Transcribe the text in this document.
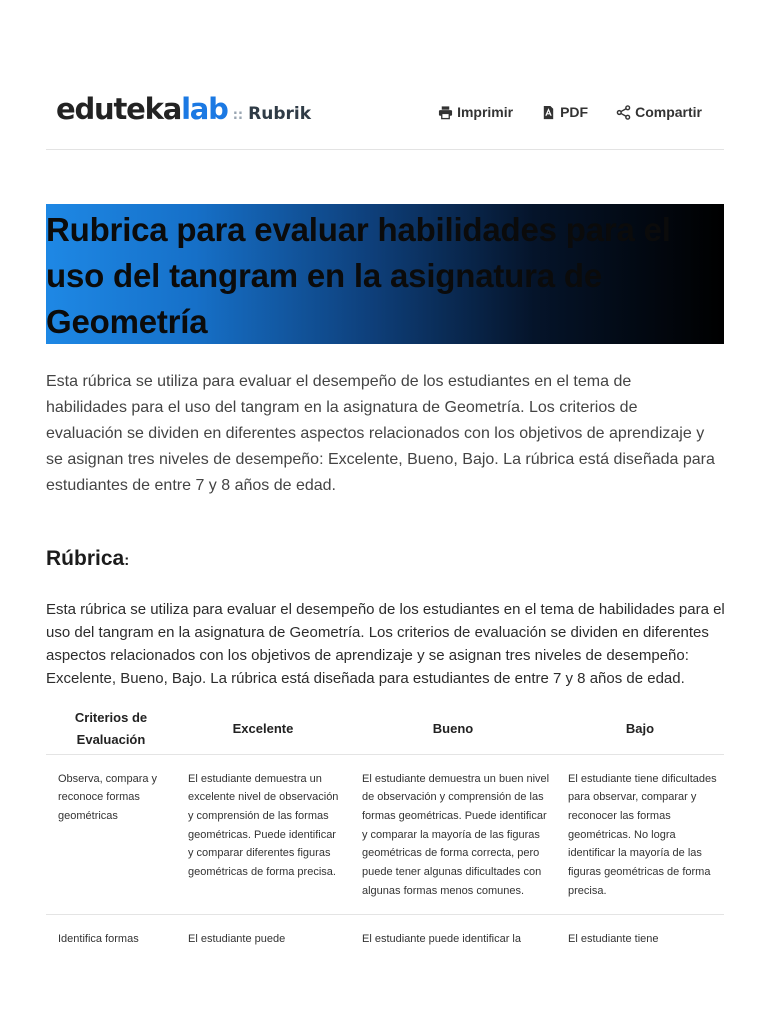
eduteka lab :: Rubrik	Imprimir	PDF	Compartir
Rubrica para evaluar habilidades para el uso del tangram en la asignatura de Geometría

Esta rúbrica se utiliza para evaluar el desempeño de los estudiantes en el tema de habilidades para el uso del tangram en la asignatura de Geometría. Los criterios de evaluación se dividen en diferentes aspectos relacionados con los objetivos de aprendizaje y se asignan tres niveles de desempeño: Excelente, Bueno, Bajo. La rúbrica está diseñada para estudiantes de entre 7 y 8 años de edad.

Rúbrica:

Esta rúbrica se utiliza para evaluar el desempeño de los estudiantes en el tema de habilidades para el uso del tangram en la asignatura de Geometría. Los criterios de evaluación se dividen en diferentes aspectos relacionados con los objetivos de aprendizaje y se asignan tres niveles de desempeño: Excelente, Bueno, Bajo. La rúbrica está diseñada para estudiantes de entre 7 y 8 años de edad.

Criterios de Evaluación	Excelente	Bueno	Bajo
Observa, compara y reconoce formas geométricas	El estudiante demuestra un excelente nivel de observación y comprensión de las formas geométricas. Puede identificar y comparar diferentes figuras geométricas de forma precisa.	El estudiante demuestra un buen nivel de observación y comprensión de las formas geométricas. Puede identificar y comparar la mayoría de las figuras geométricas de forma correcta, pero puede tener algunas dificultades con algunas formas menos comunes.	El estudiante tiene dificultades para observar, comparar y reconocer las formas geométricas. No logra identificar la mayoría de las figuras geométricas de forma precisa.
Identifica formas	El estudiante puede	El estudiante puede identificar la	El estudiante tiene
